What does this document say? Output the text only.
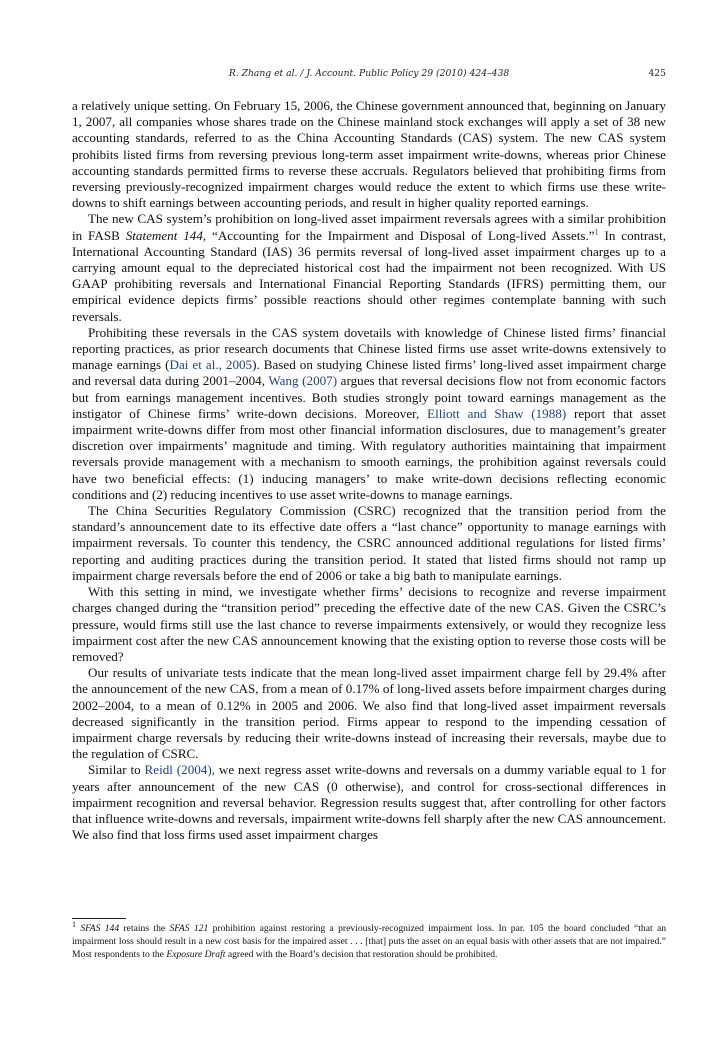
R. Zhang et al. / J. Account. Public Policy 29 (2010) 424–438	425

a relatively unique setting. On February 15, 2006, the Chinese government announced that, beginning on January 1, 2007, all companies whose shares trade on the Chinese mainland stock exchanges will apply a set of 38 new accounting standards, referred to as the China Accounting Standards (CAS) system. The new CAS system prohibits listed firms from reversing previous long-term asset impairment write-downs, whereas prior Chinese accounting standards permitted firms to reverse these accruals. Regulators believed that prohibiting firms from reversing previously-recognized impairment charges would reduce the extent to which firms use these write-downs to shift earnings between accounting periods, and result in higher quality reported earnings.

The new CAS system’s prohibition on long-lived asset impairment reversals agrees with a similar prohibition in FASB Statement 144, “Accounting for the Impairment and Disposal of Long-lived Assets.”$^1$ In contrast, International Accounting Standard (IAS) 36 permits reversal of long-lived asset impairment charges up to a carrying amount equal to the depreciated historical cost had the impairment not been recognized. With US GAAP prohibiting reversals and International Financial Reporting Standards (IFRS) permitting them, our empirical evidence depicts firms’ possible reactions should other regimes contemplate banning with such reversals.

Prohibiting these reversals in the CAS system dovetails with knowledge of Chinese listed firms’ financial reporting practices, as prior research documents that Chinese listed firms use asset write-downs extensively to manage earnings (Dai et al., 2005). Based on studying Chinese listed firms’ long-lived asset impairment charge and reversal data during 2001–2004, Wang (2007) argues that reversal decisions flow not from economic factors but from earnings management incentives. Both studies strongly point toward earnings management as the instigator of Chinese firms’ write-down decisions. Moreover, Elliott and Shaw (1988) report that asset impairment write-downs differ from most other financial information disclosures, due to management’s greater discretion over impairments’ magnitude and timing. With regulatory authorities maintaining that impairment reversals provide management with a mechanism to smooth earnings, the prohibition against reversals could have two beneficial effects: (1) inducing managers’ to make write-down decisions reflecting economic conditions and (2) reducing incentives to use asset write-downs to manage earnings.

The China Securities Regulatory Commission (CSRC) recognized that the transition period from the standard’s announcement date to its effective date offers a “last chance” opportunity to manage earnings with impairment reversals. To counter this tendency, the CSRC announced additional regulations for listed firms’ reporting and auditing practices during the transition period. It stated that listed firms should not ramp up impairment charge reversals before the end of 2006 or take a big bath to manipulate earnings.

With this setting in mind, we investigate whether firms’ decisions to recognize and reverse impairment charges changed during the “transition period” preceding the effective date of the new CAS. Given the CSRC’s pressure, would firms still use the last chance to reverse impairments extensively, or would they recognize less impairment cost after the new CAS announcement knowing that the existing option to reverse those costs will be removed?

Our results of univariate tests indicate that the mean long-lived asset impairment charge fell by 29.4% after the announcement of the new CAS, from a mean of 0.17% of long-lived assets before impairment charges during 2002–2004, to a mean of 0.12% in 2005 and 2006. We also find that long-lived asset impairment reversals decreased significantly in the transition period. Firms appear to respond to the impending cessation of impairment charge reversals by reducing their write-downs instead of increasing their reversals, maybe due to the regulation of CSRC.

Similar to Reidl (2004), we next regress asset write-downs and reversals on a dummy variable equal to 1 for years after announcement of the new CAS (0 otherwise), and control for cross-sectional differences in impairment recognition and reversal behavior. Regression results suggest that, after controlling for other factors that influence write-downs and reversals, impairment write-downs fell sharply after the new CAS announcement. We also find that loss firms used asset impairment charges

$^1$ SFAS 144 retains the SFAS 121 prohibition against restoring a previously-recognized impairment loss. In par. 105 the board concluded “that an impairment loss should result in a new cost basis for the impaired asset . . . [that] puts the asset on an equal basis with other assets that are not impaired.” Most respondents to the Exposure Draft agreed with the Board’s decision that restoration should be prohibited.
